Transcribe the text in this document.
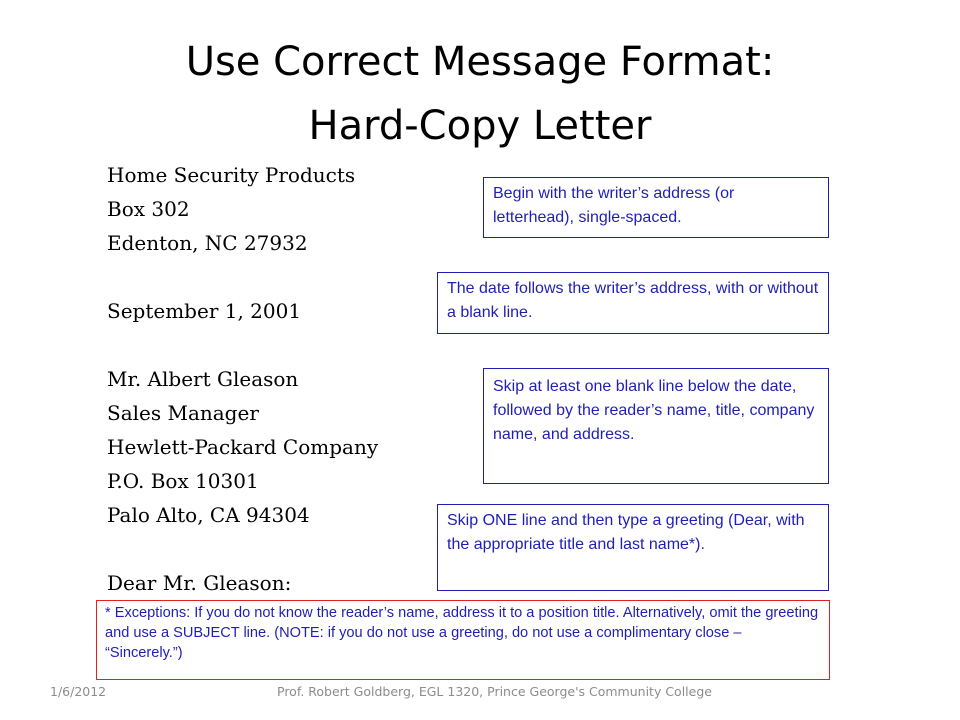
Use Correct Message Format:
Hard-Copy Letter
Home Security Products
Box 302
Edenton, NC 27932
September 1, 2001
Mr. Albert Gleason
Sales Manager
Hewlett-Packard Company
P.O. Box 10301
Palo Alto, CA 94304
Dear Mr. Gleason:
Begin with the writer’s address (or letterhead), single-spaced.
The date follows the writer’s address, with or without a blank line.
Skip at least one blank line below the date, followed by the reader’s name, title, company name, and address.
Skip ONE line and then type a greeting (Dear, with the appropriate title and last name*).
* Exceptions: If you do not know the reader’s name, address it to a position title. Alternatively, omit the greeting and use a SUBJECT line. (NOTE: if you do not use a greeting, do not use a complimentary close – “Sincerely.”)
1/6/2012	Prof. Robert Goldberg, EGL 1320, Prince George's Community College
